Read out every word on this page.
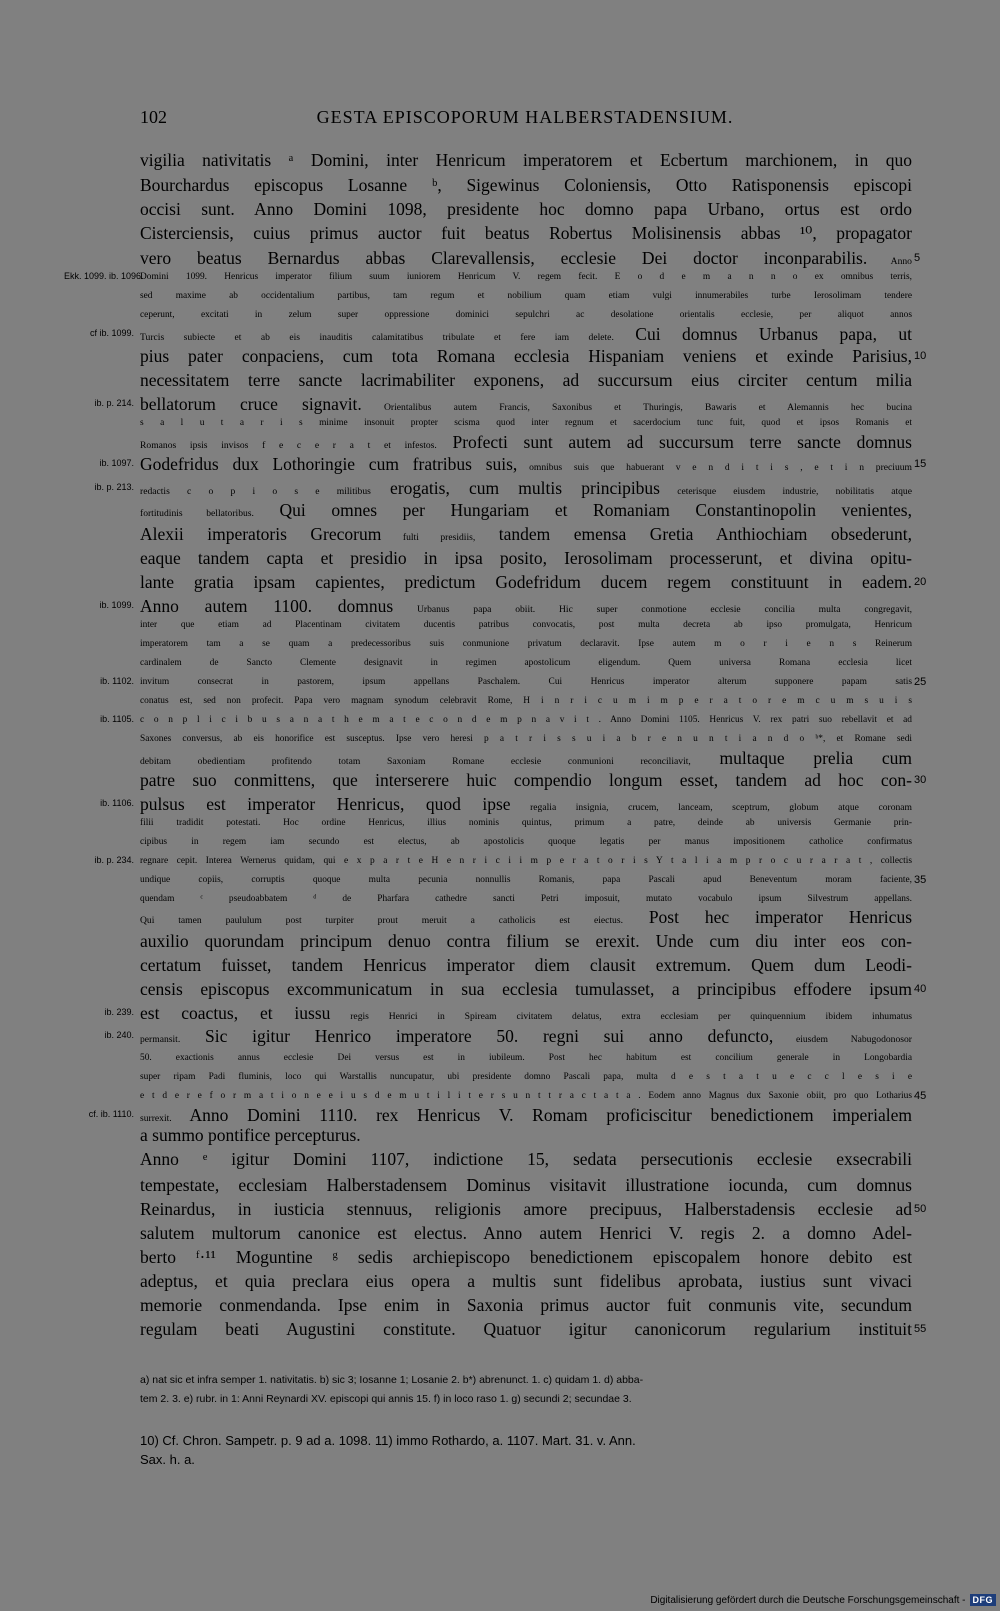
102	GESTA EPISCOPORUM HALBERSTADENSIUM.
vigilia nativitatis ᵃ Domini, inter Henricum imperatorem et Ecbertum marchionem, in quo
Bourchardus episcopus Losanne ᵇ, Sigewinus Coloniensis, Otto Ratisponensis episcopi
occisi sunt. Anno Domini 1098, presidente hoc domno papa Urbano, ortus est ordo
Cisterciensis, cuius primus auctor fuit beatus Robertus Molisinensis abbas ¹⁰, propagator
vero beatus Bernardus abbas Clarevallensis, ecclesie Dei doctor inconparabilis. Anno 5
Domini 1099. Henricus imperator filium suum iuniorem Henricum V. regem fecit. E o d e m a n n o ex omnibus terris,
Ekk. 1099. ib. 1096.
sed maxime ab occidentalium partibus, tam regum et nobilium quam etiam vulgi innumerabiles turbe Ierosolimam tendere
ceperunt, excitati in zelum super oppressione dominici sepulchri ac desolatione orientalis ecclesie, per aliquot annos
Turcis subiecte et ab eis inauditis calamitatibus tribulate et fere iam delete. Cui domnus Urbanus papa, ut
cf ib. 1099.
pius pater conpaciens, cum tota Romana ecclesia Hispaniam veniens et exinde Parisius, 10
necessitatem terre sancte lacrimabiliter exponens, ad succursum eius circiter centum milia
bellatorum cruce signavit. Orientalibus autem Francis, Saxonibus et Thuringis, Bawaris et Alemannis hec bucina
ib. p. 214.
s a l u t a r i s minime insonuit propter scisma quod inter regnum et sacerdocium tunc fuit, quod et ipsos Romanis et
Romanos ipsis invisos f e c e r a t et infestos. Profecti sunt autem ad succursum terre sancte domnus
Godefridus dux Lothoringie cum fratribus suis, omnibus suis que habuerant v e n d i t i s , e t i n preciuum
ib. 1097.	15
redactis c o p i o s e militibus erogatis, cum multis principibus ceterisque eiusdem industrie, nobilitatis atque
ib. p. 213.
fortitudinis bellatoribus. Qui omnes per Hungariam et Romaniam Constantinopolin venientes,
Alexii imperatoris Grecorum fulti presidiis, tandem emensa Gretia Anthiochiam obsederunt,
eaque tandem capta et presidio in ipsa posito, Ierosolimam processerunt, et divina opitu-
lante gratia ipsam capientes, predictum Godefridum ducem regem constituunt in eadem. 20
Anno autem 1100. domnus Urbanus papa obiit. Hic super conmotione ecclesie concilia multa congregavit,
ib. 1099.
inter que etiam ad Placentinam civitatem ducentis patribus convocatis, post multa decreta ab ipso promulgata, Henricum
imperatorem tam a se quam a predecessoribus suis conmunione privatum declaravit. Ipse autem m o r i e n s Reinerum
cardinalem de Sancto Clemente designavit in regimen apostolicum eligendum. Quem universa Romana ecclesia licet
invitum consecrat in pastorem, ipsum appellans Paschalem. Cui Henricus imperator alterum supponere papam satis
ib. 1102.	25
conatus est, sed non profecit. Papa vero magnam synodum celebravit Rome, H i n r i c u m i m p e r a t o r e m c u m s u i s
c o n p l i c i b u s a n a t h e m a t e c o n d e m p n a v i t . Anno Domini 1105. Henricus V. rex patri suo rebellavit et ad
ib. 1105.
Saxones conversus, ab eis honorifice est susceptus. Ipse vero heresi p a t r i s s u i a b r e n u n t i a n d o ᵇ*, et Romane sedi
debitam obedientiam profitendo totam Saxoniam Romane ecclesie conmunioni reconciliavit, multaque prelia cum
patre suo conmittens, que interserere huic compendio longum esset, tandem ad hoc con- 30
pulsus est imperator Henricus, quod ipse regalia insignia, crucem, lanceam, sceptrum, globum atque coronam
ib. 1106.
filii tradidit potestati. Hoc ordine Henricus, illius nominis quintus, primum a patre, deinde ab universis Germanie prin-
cipibus in regem iam secundo est electus, ab apostolicis quoque legatis per manus impositionem catholice confirmatus
regnare cepit. Interea Wernerus quidam, qui e x p a r t e H e n r i c i i m p e r a t o r i s Y t a l i a m p r o c u r a r a t , collectis
ib. p. 234.
undique copiis, corruptis quoque multa pecunia nonnullis Romanis, papa Pascali apud Beneventum moram faciente, 35
quendam ᶜ pseudoabbatem ᵈ de Pharfara cathedre sancti Petri imposuit, mutato vocabulo ipsum Silvestrum appellans.
Qui tamen paululum post turpiter prout meruit a catholicis est eiectus. Post hec imperator Henricus
auxilio quorundam principum denuo contra filium se erexit. Unde cum diu inter eos con-
certatum fuisset, tandem Henricus imperator diem clausit extremum. Quem dum Leodi-
censis episcopus excommunicatum in sua ecclesia tumulasset, a principibus effodere ipsum 40
est coactus, et iussu regis Henrici in Spiream civitatem delatus, extra ecclesiam per quinquennium ibidem inhumatus
ib. 239.
permansit. Sic igitur Henrico imperatore 50. regni sui anno defuncto, eiusdem Nabugodonosor
ib. 240.
50. exactionis annus ecclesie Dei versus est in iubileum. Post hec habitum est concilium generale in Longobardia
super ripam Padi fluminis, loco qui Warstallis nuncupatur, ubi presidente domno Pascali papa, multa d e s t a t u e c c l e s i e
e t d e r e f o r m a t i o n e e i u s d e m u t i l i t e r s u n t t r a c t a t a . Eodem anno Magnus dux Saxonie obiit, pro quo Lotharius 45
surrexit. Anno Domini 1110. rex Henricus V. Romam proficiscitur benedictionem imperialem
cf. ib. 1110.
a summo pontifice percepturus.
Anno ᵉ igitur Domini 1107, indictione 15, sedata persecutionis ecclesie exsecrabili
tempestate, ecclesiam Halberstadensem Dominus visitavit illustratione iocunda, cum domnus
Reinardus, in iusticia stennuus, religionis amore precipuus, Halberstadensis ecclesie ad 50
salutem multorum canonice est electus. Anno autem Henrici V. regis 2. a domno Adel-
berto ᶠ·¹¹ Moguntine ᵍ sedis archiepiscopo benedictionem episcopalem honore debito est
adeptus, et quia preclara eius opera a multis sunt fidelibus aprobata, iustius sunt vivaci
memorie conmendanda. Ipse enim in Saxonia primus auctor fuit conmunis vite, secundum
regulam beati Augustini constitute. Quatuor igitur canonicorum regularium instituit 55
a) nat sic et infra semper 1. nativitatis. b) sic 3; Iosanne 1; Losanie 2. b*) abrenunct. 1. c) quidam 1. d) abba-
tem 2. 3. e) rubr. in 1: Anni Reynardi XV. episcopi qui annis 15. f) in loco raso 1. g) secundi 2; secundae 3.
10) Cf. Chron. Sampetr. p. 9 ad a. 1098. 11) immo Rothardo, a. 1107. Mart. 31. v. Ann.
Sax. h. a.
Digitalisierung gefördert durch die Deutsche Forschungsgemeinschaft - DFG
